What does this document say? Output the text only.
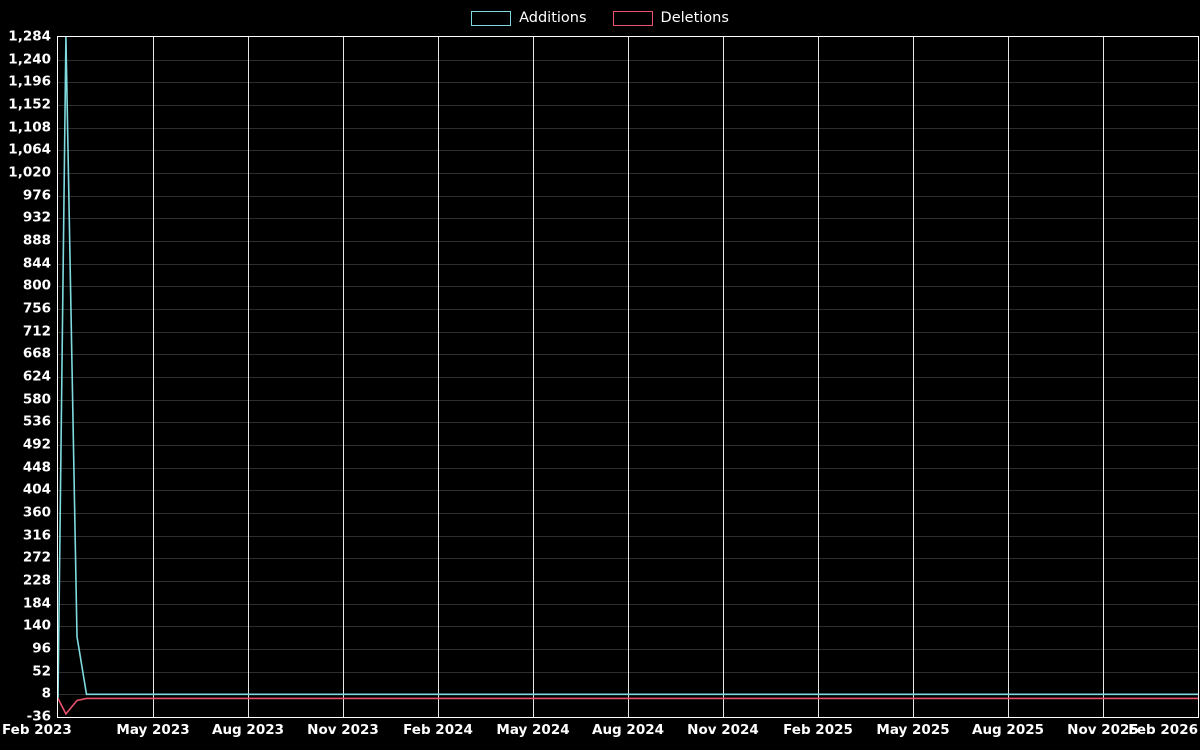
Additions	Deletions
1,284
1,240
1,196
1,152
1,108
1,064
1,020
976
932
888
844
800
756
712
668
624
580
536
492
448
404
360
316
272
228
184
140
96
52
8
-36
Feb 2023	May 2023 Aug 2023 Nov 2023 Feb 2024 May 2024 Aug 2024 Nov 2024 Feb 2025 May 2025 Aug 2025 Nov 2025
Feb 2026
